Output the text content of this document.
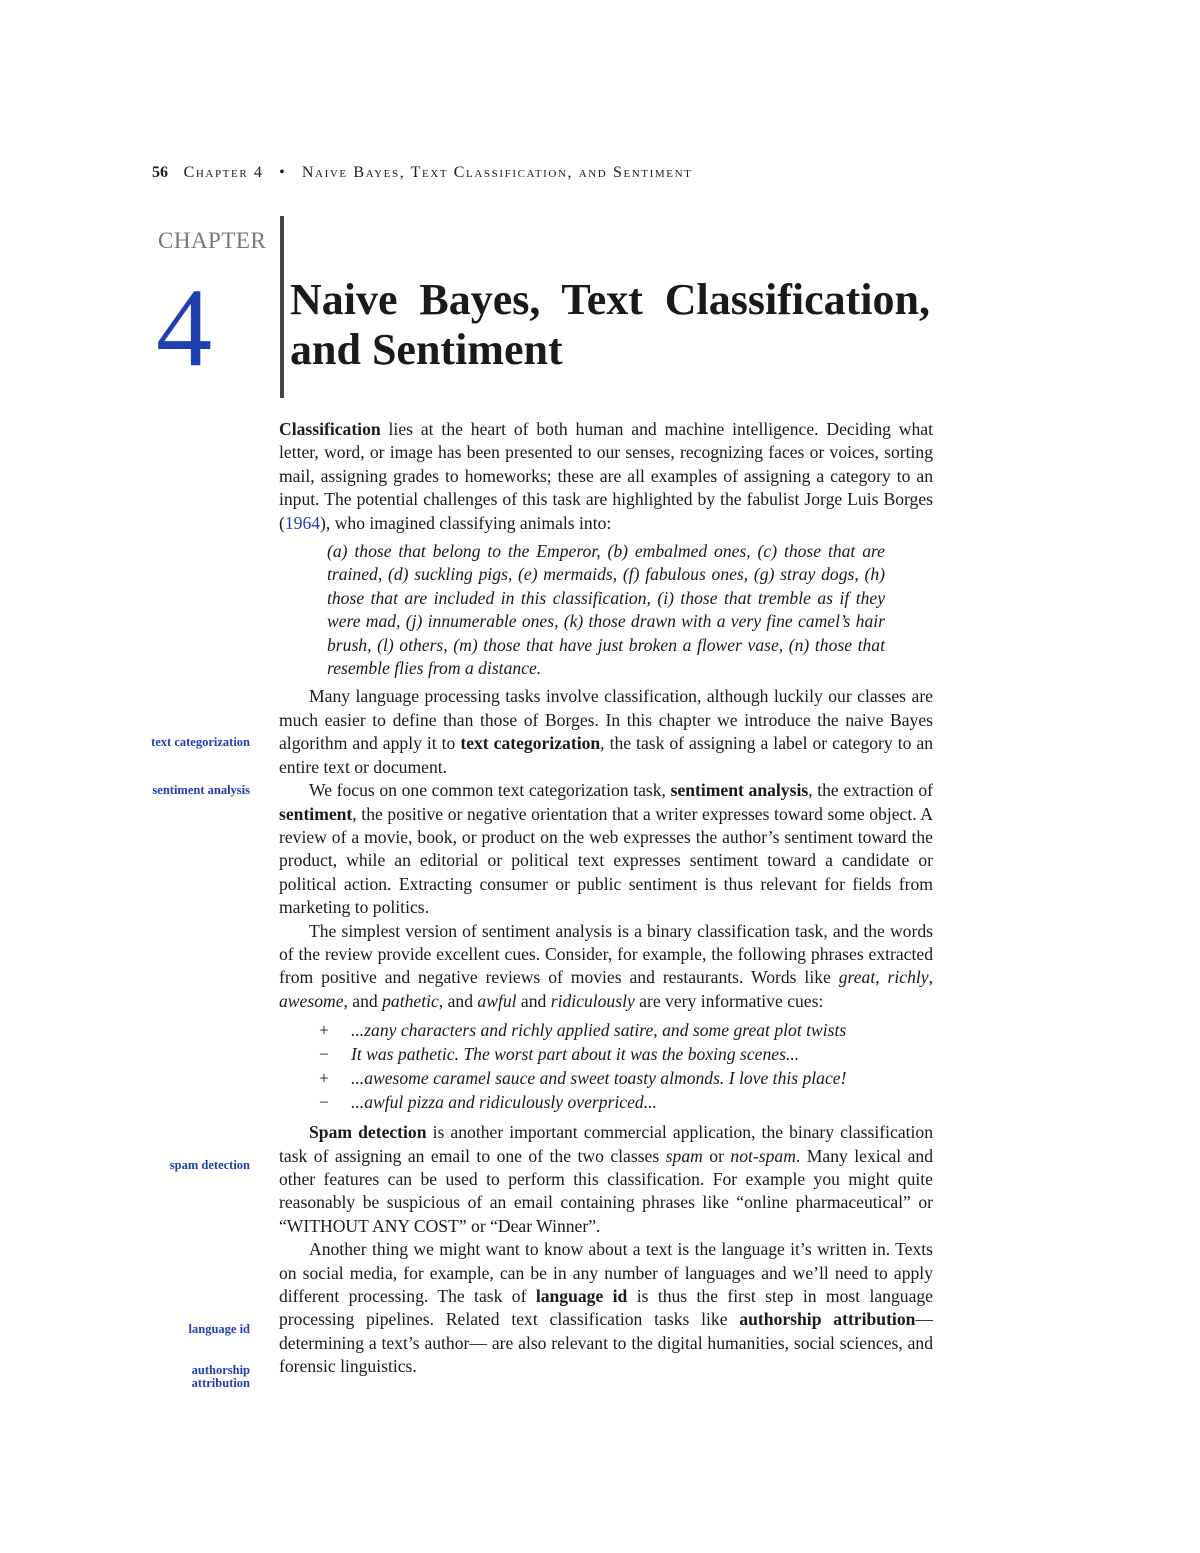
56 Chapter 4 • Naive Bayes, Text Classification, and Sentiment
CHAPTER
4 Naive Bayes, Text Classification, and Sentiment
text categorization
sentiment analysis
spam detection
language id
authorship attribution

Classification lies at the heart of both human and machine intelligence. Deciding what letter, word, or image has been presented to our senses, recognizing faces or voices, sorting mail, assigning grades to homeworks; these are all examples of assigning a category to an input. The potential challenges of this task are highlighted by the fabulist Jorge Luis Borges (1964), who imagined classifying animals into:

(a) those that belong to the Emperor, (b) embalmed ones, (c) those that are trained, (d) suckling pigs, (e) mermaids, (f) fabulous ones, (g) stray dogs, (h) those that are included in this classification, (i) those that tremble as if they were mad, (j) innumerable ones, (k) those drawn with a very fine camel’s hair brush, (l) others, (m) those that have just broken a flower vase, (n) those that resemble flies from a distance.

Many language processing tasks involve classification, although luckily our classes are much easier to define than those of Borges. In this chapter we introduce the naive Bayes algorithm and apply it to text categorization, the task of assigning a label or category to an entire text or document.

We focus on one common text categorization task, sentiment analysis, the extraction of sentiment, the positive or negative orientation that a writer expresses toward some object. A review of a movie, book, or product on the web expresses the author’s sentiment toward the product, while an editorial or political text expresses sentiment toward a candidate or political action. Extracting consumer or public sentiment is thus relevant for fields from marketing to politics.

The simplest version of sentiment analysis is a binary classification task, and the words of the review provide excellent cues. Consider, for example, the following phrases extracted from positive and negative reviews of movies and restaurants. Words like great, richly, awesome, and pathetic, and awful and ridiculously are very informative cues:

+	...zany characters and richly applied satire, and some great plot twists
−	It was pathetic. The worst part about it was the boxing scenes...
+	...awesome caramel sauce and sweet toasty almonds. I love this place!
−	...awful pizza and ridiculously overpriced...

Spam detection is another important commercial application, the binary classification task of assigning an email to one of the two classes spam or not-spam. Many lexical and other features can be used to perform this classification. For example you might quite reasonably be suspicious of an email containing phrases like “online pharmaceutical” or “WITHOUT ANY COST” or “Dear Winner”.

Another thing we might want to know about a text is the language it’s written in. Texts on social media, for example, can be in any number of languages and we’ll need to apply different processing. The task of language id is thus the first step in most language processing pipelines. Related text classification tasks like authorship attribution— determining a text’s author— are also relevant to the digital humanities, social sciences, and forensic linguistics.
